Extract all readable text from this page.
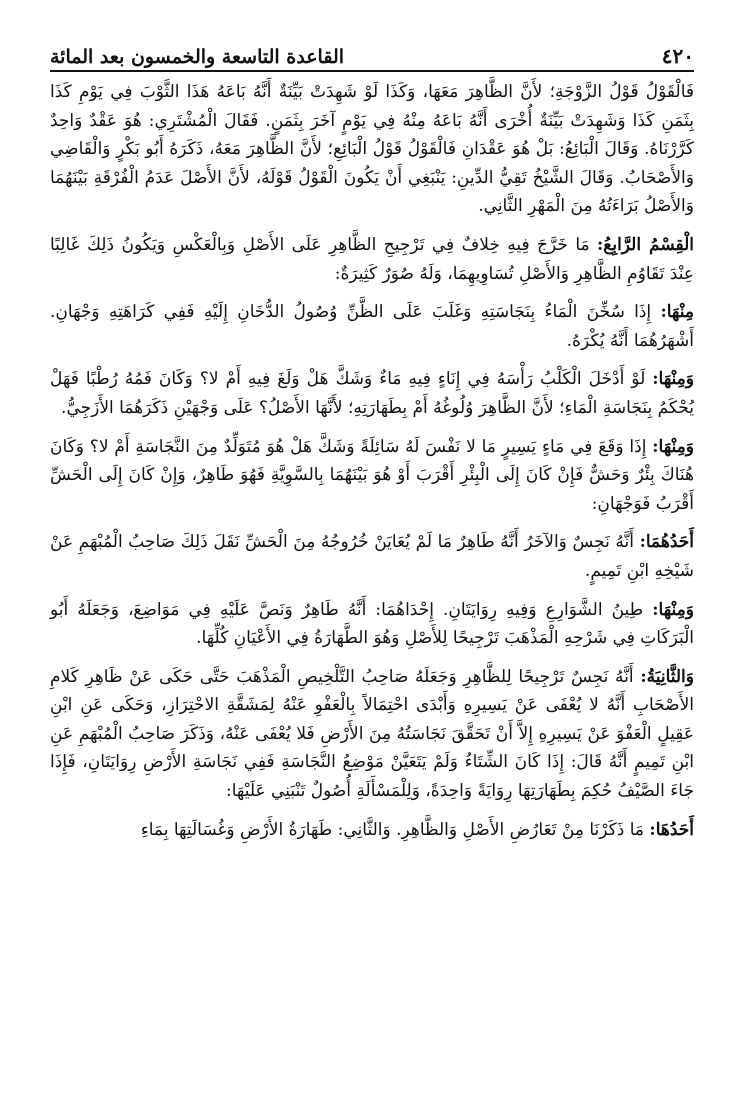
٤٢٠
القاعدة التاسعة والخمسون بعد المائة

فَالْقَوْلُ قَوْلُ الزَّوْجَةِ؛ لأَنَّ الظَّاهِرَ مَعَهَا، وَكَذَا لَوْ شَهِدَتْ بَيِّنَةٌ أَنَّهُ بَاعَهُ هَذَا الثَّوْبَ فِي يَوْمِ كَذَا بِثَمَنِ كَذَا وَشَهِدَتْ بَيِّنَةٌ أُخْرَى أَنَّهُ بَاعَهُ مِنْهُ فِي يَوْمٍ آخَرَ بِثَمَنٍ. فَقَالَ الْمُشْتَرِي: هُوَ عَقْدٌ وَاحِدٌ كَرَّرْنَاهُ. وَقَالَ الْبَائِعُ: بَلْ هُوَ عَقْدَانِ فَالْقَوْلُ قَوْلُ الْبَائِعِ؛ لأَنَّ الظَّاهِرَ مَعَهُ، ذَكَرَهُ أَبُو بَكْرٍ وَالْقَاضِي وَالأَصْحَابُ. وَقَالَ الشَّيْخُ تَقِيُّ الدِّينِ: يَنْبَغِي أَنْ يَكُونَ الْقَوْلُ قَوْلَهُ، لأَنَّ الأَصْلَ عَدَمُ الْفُرْقَةِ بَيْنَهُمَا وَالأَصْلُ بَرَاءَتُهُ مِنَ الْمَهْرِ الثَّانِي.

الْقِسْمُ الرَّابِعُ: مَا خَرَّجَ فِيهِ خِلافٌ فِي تَرْجِيحِ الظَّاهِرِ عَلَى الأَصْلِ وَبِالْعَكْسِ وَيَكُونُ ذَلِكَ غَالِبًا عِنْدَ تَقَاوُمِ الظَّاهِرِ وَالأَصْلِ تُسَاوِيهِمَا، وَلَهُ صُوَرٌ كَثِيرَةٌ:

مِنْهَا: إِذَا سُخِّنَ الْمَاءُ بِنَجَاسَتِهِ وَغَلَبَ عَلَى الظَّنِّ وُصُولُ الدُّخَانِ إِلَيْهِ فَفِي كَرَاهَتِهِ وَجْهَانِ. أَشْهَرُهُمَا أَنَّهُ يُكْرَهُ.

وَمِنْهَا: لَوْ أَدْخَلَ الْكَلْبُ رَأْسَهُ فِي إِنَاءٍ فِيهِ مَاءٌ وَشَكَّ هَلْ وَلَغَ فِيهِ أَمْ لا؟ وَكَانَ فَمُهُ رُطْبًا فَهَلْ يُحْكَمُ بِنَجَاسَةِ الْمَاءِ؛ لأَنَّ الظَّاهِرَ وُلُوغُهُ أَمْ بِطَهَارَتِهِ؛ لأَنَّهَا الأَصْلُ؟ عَلَى وَجْهَيْنِ ذَكَرَهُمَا الأَزَجِيُّ.

وَمِنْهَا: إِذَا وَقَعَ فِي مَاءٍ يَسِيرٍ مَا لا نَفْسَ لَهُ سَائِلَةً وَشَكَّ هَلْ هُوَ مُتَوَلِّدٌ مِنَ النَّجَاسَةِ أَمْ لا؟ وَكَانَ هُنَاكَ بِئْرٌ وَحَشٌّ فَإِنْ كَانَ إِلَى الْبِئْرِ أَقْرَبَ أَوْ هُوَ بَيْنَهُمَا بِالسَّوِيَّةِ فَهُوَ طَاهِرٌ، وَإِنْ كَانَ إِلَى الْحَشِّ أَقْرَبُ فَوَجْهَانِ:

أَحَدُهُمَا: أَنَّهُ نَجِسٌ وَالآخَرُ أَنَّهُ طَاهِرٌ مَا لَمْ يُعَايَنْ خُرُوجُهُ مِنَ الْحَشِّ نَقَلَ ذَلِكَ صَاحِبُ الْمُبْهَمِ عَنْ شَيْخِهِ ابْنِ تَمِيمٍ.

وَمِنْهَا: طِينُ الشَّوَارِعِ وَفِيهِ رِوَايَتَانِ. إِحْدَاهُمَا: أَنَّهُ طَاهِرٌ وَنَصَّ عَلَيْهِ فِي مَوَاضِعَ، وَجَعَلَهُ أَبُو الْبَرَكَاتِ فِي شَرْحِهِ الْمَذْهَبَ تَرْجِيحًا لِلأَصْلِ وَهُوَ الطَّهَارَةُ فِي الأَعْيَانِ كُلِّهَا.

وَالثَّانِيَةُ: أَنَّهُ نَجِسٌ تَرْجِيحًا لِلظَّاهِرِ وَجَعَلَهُ صَاحِبُ التَّلْخِيصِ الْمَذْهَبَ حَتَّى حَكَى عَنْ ظَاهِرِ كَلامِ الأَصْحَابِ أَنَّهُ لا يُعْفَى عَنْ يَسِيرِهِ وَأَبْدَى احْتِمَالاً بِالْعَفْوِ عَنْهُ لِمَشَقَّةِ الاحْتِرَازِ، وَحَكَى عَنِ ابْنِ عَقِيلٍ الْعَفْوَ عَنْ يَسِيرِهِ إِلاَّ أَنْ تَحَقَّقَ نَجَاسَتُهُ مِنَ الأَرْضِ فَلا يُعْفَى عَنْهُ، وَذَكَرَ صَاحِبُ الْمُبْهَمِ عَنِ ابْنِ تَمِيمٍ أَنَّهُ قَالَ: إِذَا كَانَ الشِّتَاءُ وَلَمْ يَتَعَيَّنْ مَوْضِعُ النَّجَاسَةِ فَفِي نَجَاسَةِ الأَرْضِ رِوَايَتَانِ، فَإِذَا جَاءَ الصَّيْفُ حُكِمَ بِطَهَارَتِهَا رِوَايَةً وَاحِدَةً، وَلِلْمَسْأَلَةِ أُصُولٌ تَنْبَنِي عَلَيْهَا:

أَحَدُهَا: مَا ذَكَرْنَا مِنْ تَعَارُضِ الأَصْلِ وَالظَّاهِرِ. وَالثَّانِي: طَهَارَةُ الأَرْضِ وَغُسَالَتِهَا بِمَاءِ
